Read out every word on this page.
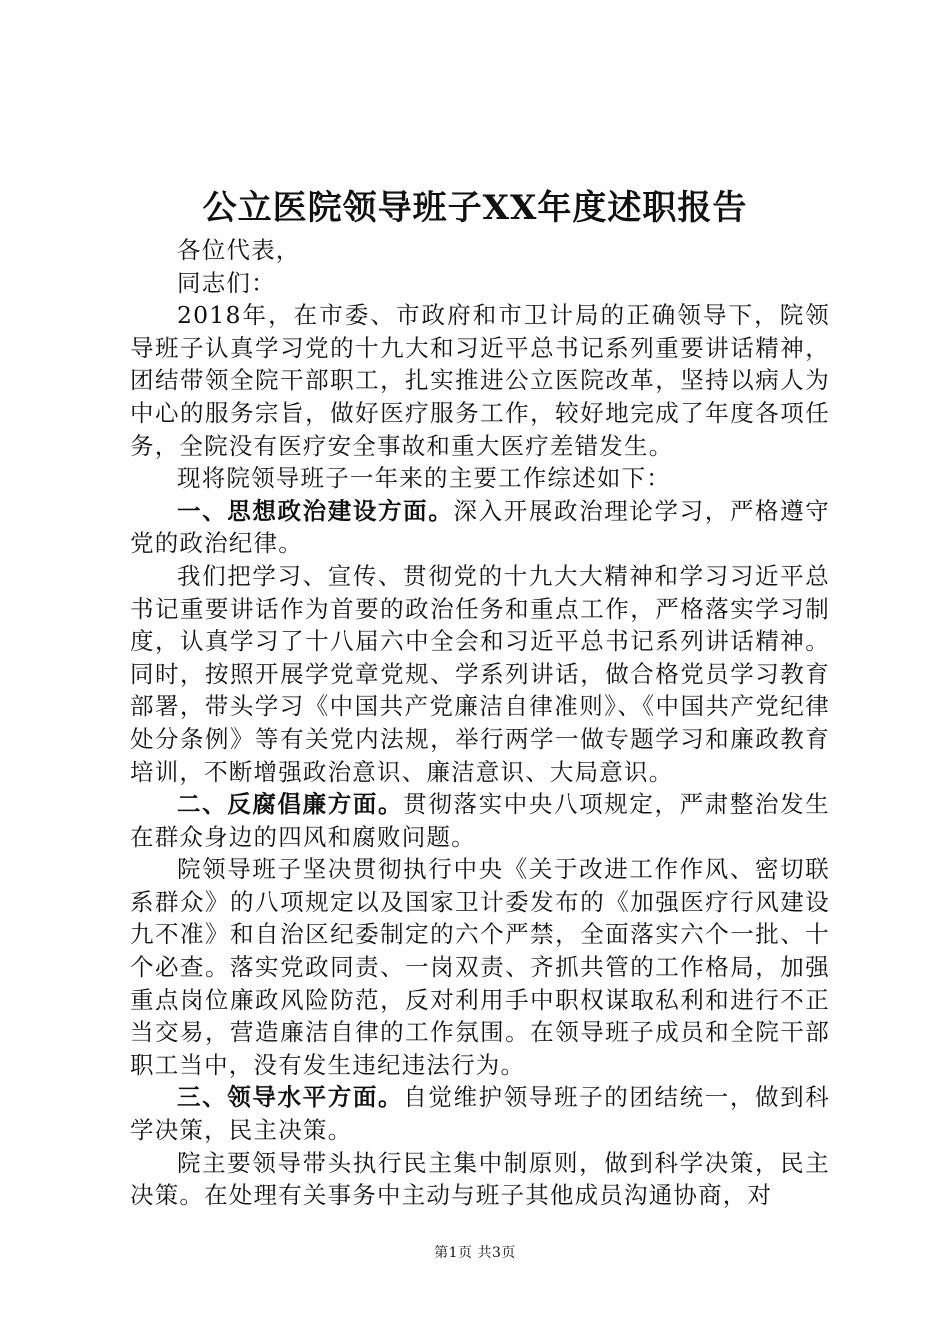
公立医院领导班子XX年度述职报告

各位代表，

同志们：

2018年，在市委、市政府和市卫计局的正确领导下，院领导班子认真学习党的十九大和习近平总书记系列重要讲话精神，团结带领全院干部职工，扎实推进公立医院改革，坚持以病人为中心的服务宗旨，做好医疗服务工作，较好地完成了年度各项任务，全院没有医疗安全事故和重大医疗差错发生。

现将院领导班子一年来的主要工作综述如下：

一、思想政治建设方面。深入开展政治理论学习，严格遵守党的政治纪律。

我们把学习、宣传、贯彻党的十九大大精神和学习习近平总书记重要讲话作为首要的政治任务和重点工作，严格落实学习制度，认真学习了十八届六中全会和习近平总书记系列讲话精神。同时，按照开展学党章党规、学系列讲话，做合格党员学习教育部署，带头学习《中国共产党廉洁自律准则》、《中国共产党纪律处分条例》等有关党内法规，举行两学一做专题学习和廉政教育培训，不断增强政治意识、廉洁意识、大局意识。

二、反腐倡廉方面。贯彻落实中央八项规定，严肃整治发生在群众身边的四风和腐败问题。

院领导班子坚决贯彻执行中央《关于改进工作作风、密切联系群众》的八项规定以及国家卫计委发布的《加强医疗行风建设九不准》和自治区纪委制定的六个严禁，全面落实六个一批、十个必查。落实党政同责、一岗双责、齐抓共管的工作格局，加强重点岗位廉政风险防范，反对利用手中职权谋取私利和进行不正当交易，营造廉洁自律的工作氛围。在领导班子成员和全院干部职工当中，没有发生违纪违法行为。

三、领导水平方面。自觉维护领导班子的团结统一，做到科学决策，民主决策。

院主要领导带头执行民主集中制原则，做到科学决策，民主决策。在处理有关事务中主动与班子其他成员沟通协商，对

第1页 共3页
